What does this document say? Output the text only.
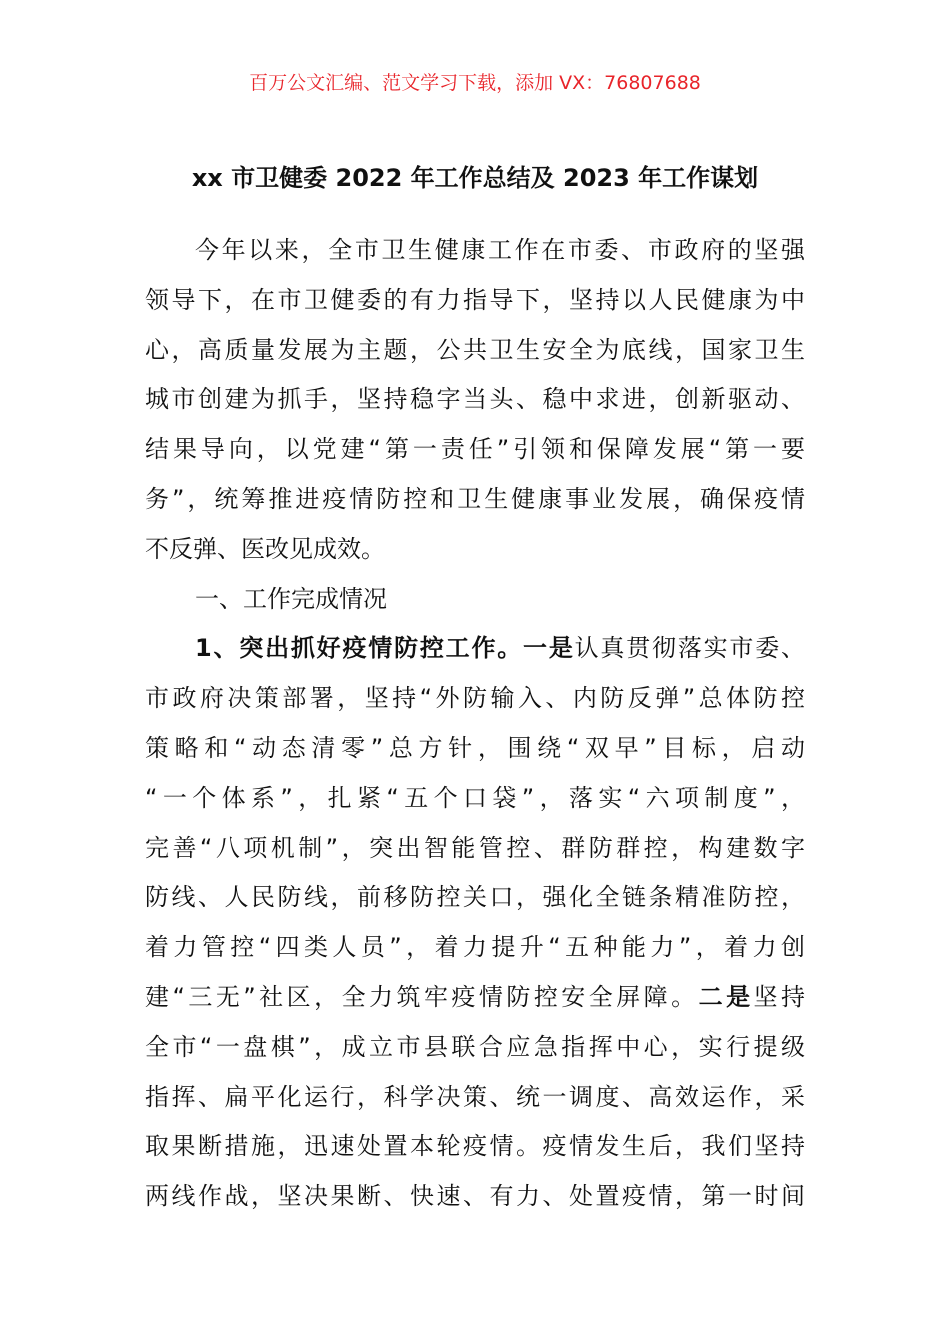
百万公文汇编、范文学习下载，添加 VX：76807688
xx 市卫健委 2022 年工作总结及 2023 年工作谋划
今年以来，全市卫生健康工作在市委、市政府的坚强
领导下，在市卫健委的有力指导下，坚持以人民健康为中
心，高质量发展为主题，公共卫生安全为底线，国家卫生
城市创建为抓手，坚持稳字当头、稳中求进，创新驱动、
结果导向，以党建“第一责任”引领和保障发展“第一要
务”，统筹推进疫情防控和卫生健康事业发展，确保疫情
不反弹、医改见成效。
一、工作完成情况
1、突出抓好疫情防控工作。一是认真贯彻落实市委、
市政府决策部署，坚持“外防输入、内防反弹”总体防控
策略和“动态清零”总方针，围绕“双早”目标，启动
“一个体系”，扎紧“五个口袋”，落实“六项制度”，
完善“八项机制”，突出智能管控、群防群控，构建数字
防线、人民防线，前移防控关口，强化全链条精准防控，
着力管控“四类人员”，着力提升“五种能力”，着力创
建“三无”社区，全力筑牢疫情防控安全屏障。二是坚持
全市“一盘棋”，成立市县联合应急指挥中心，实行提级
指挥、扁平化运行，科学决策、统一调度、高效运作，采
取果断措施，迅速处置本轮疫情。疫情发生后，我们坚持
两线作战，坚决果断、快速、有力、处置疫情，第一时间
